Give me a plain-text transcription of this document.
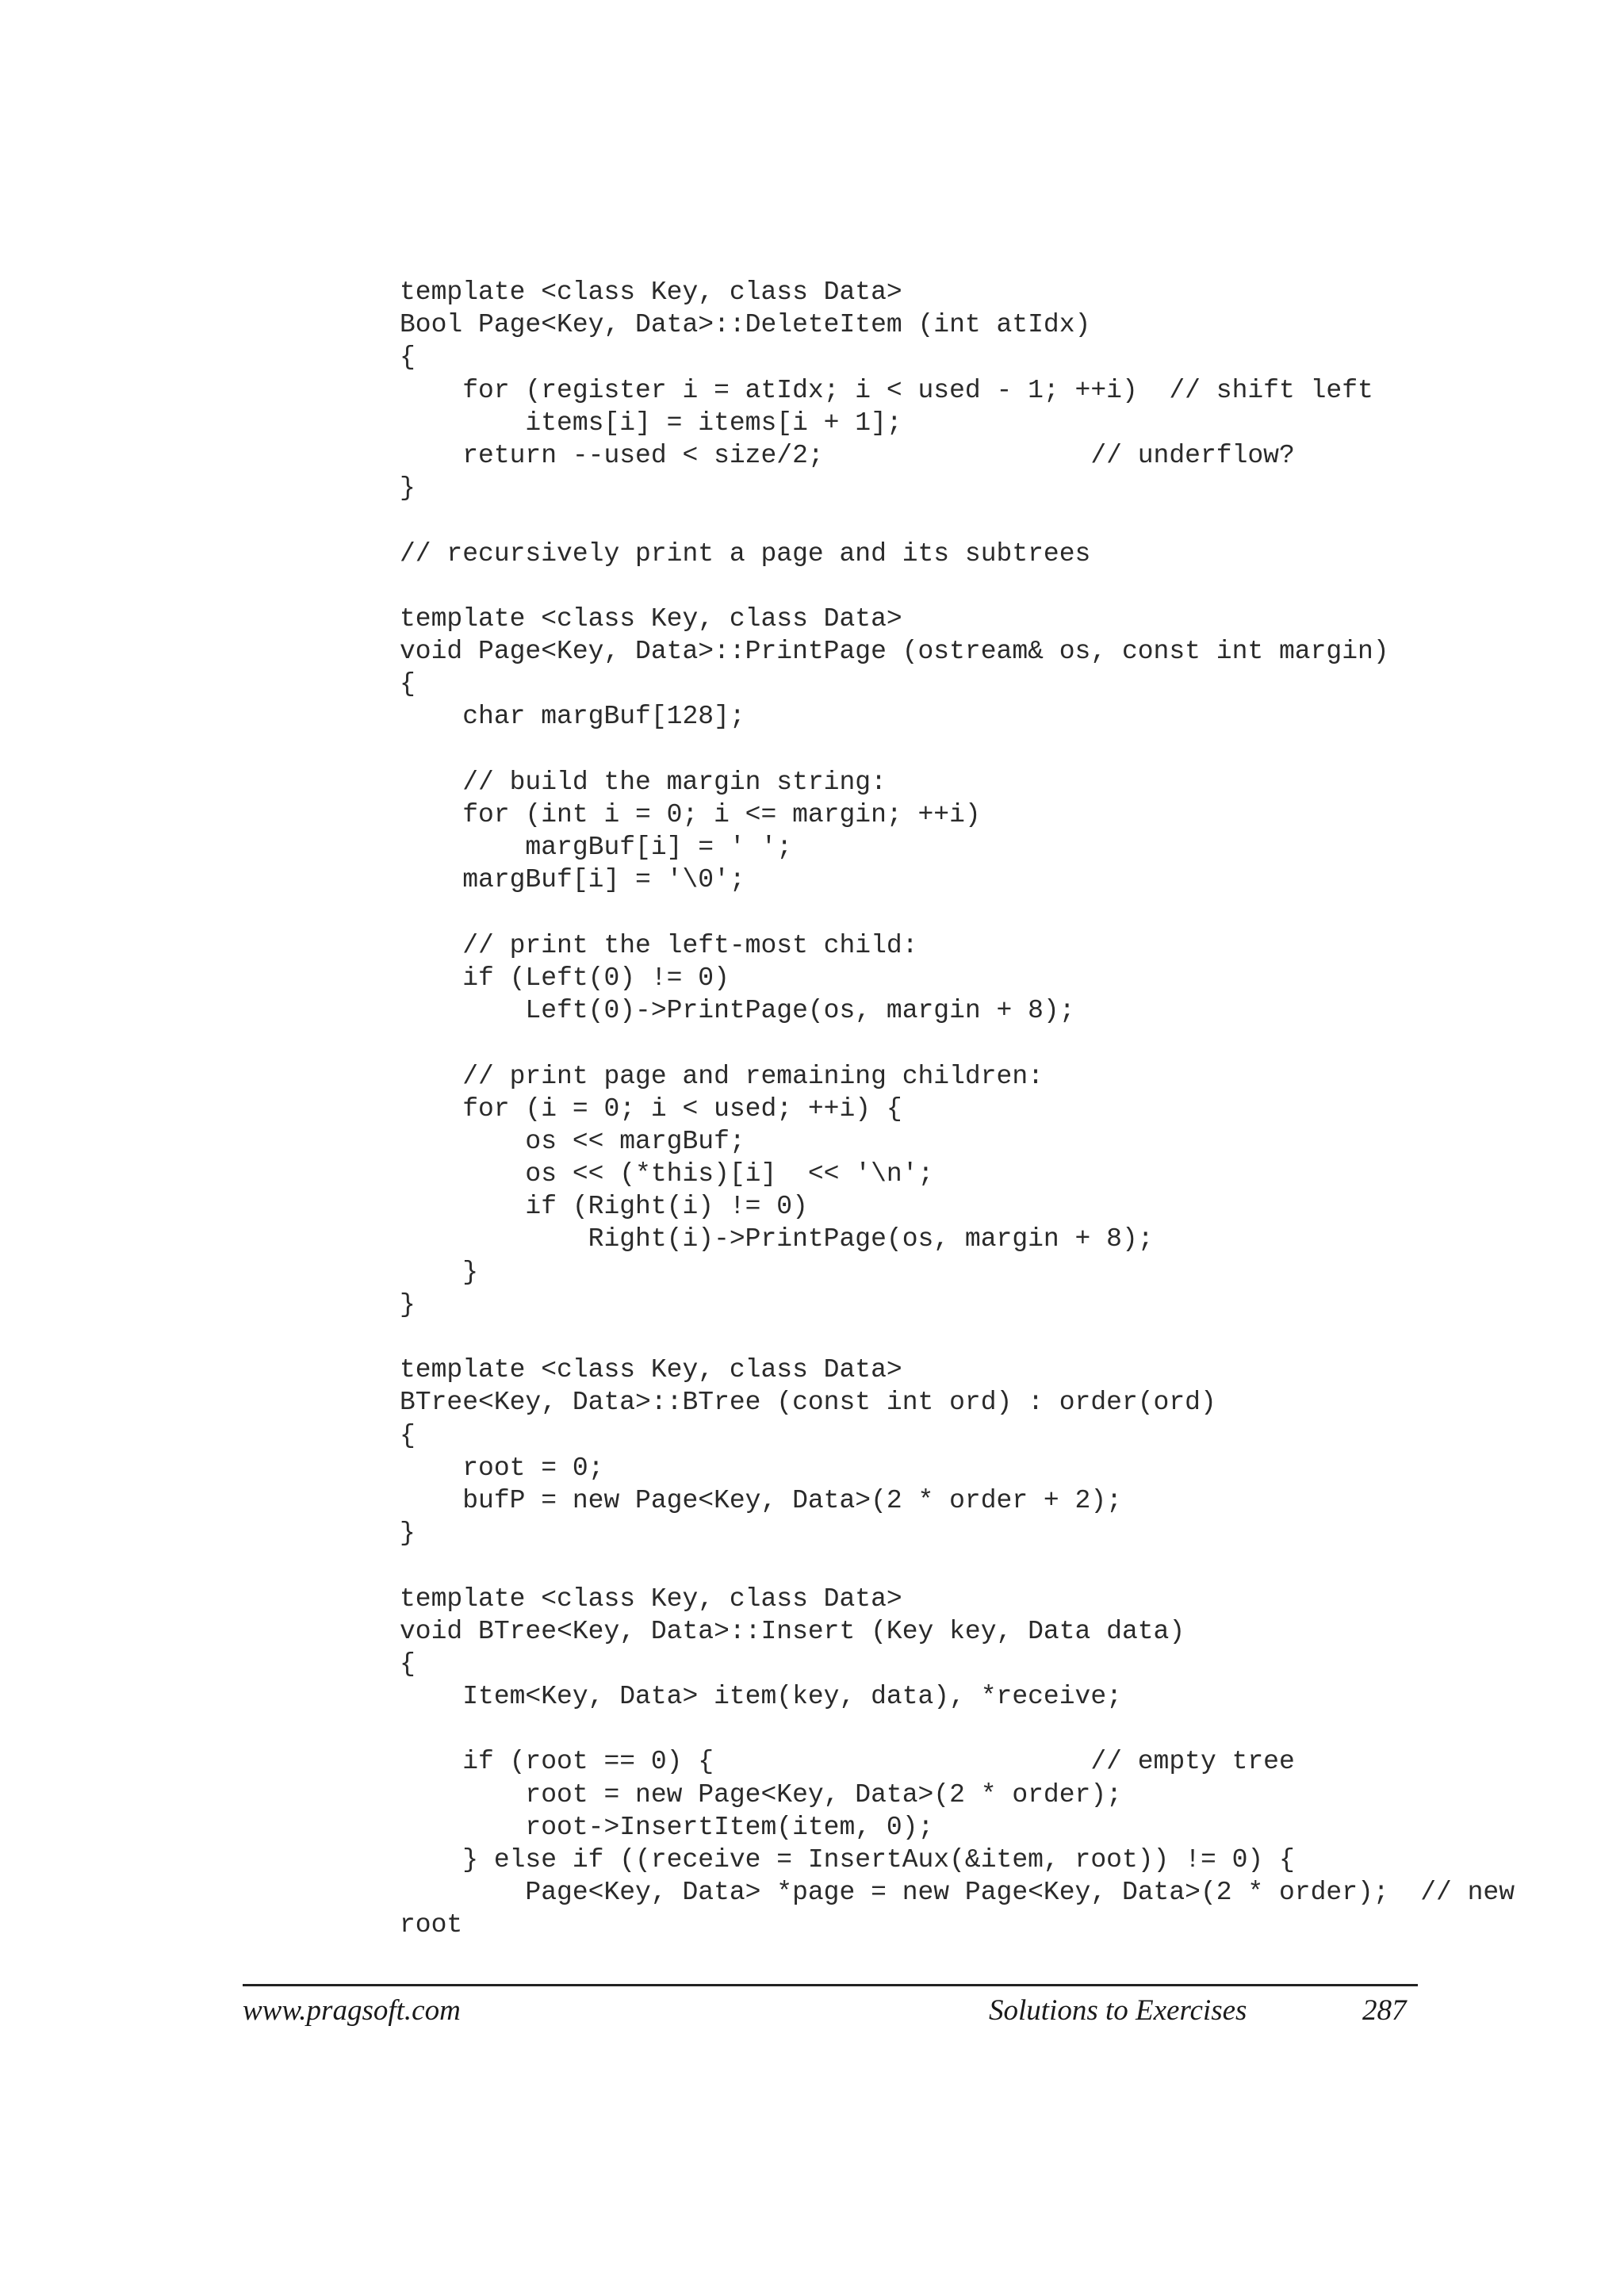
template <class Key, class Data>
Bool Page<Key, Data>::DeleteItem (int atIdx)
{
for (register i = atIdx; i < used - 1; ++i)  // shift left
items[i] = items[i + 1];
return --used < size/2;                 // underflow?
}
// recursively print a page and its subtrees
template <class Key, class Data>
void Page<Key, Data>::PrintPage (ostream& os, const int margin)
{
char margBuf[128];
// build the margin string:
for (int i = 0; i <= margin; ++i)
margBuf[i] = ' ';
margBuf[i] = '\0';
// print the left-most child:
if (Left(0) != 0)
Left(0)->PrintPage(os, margin + 8);
// print page and remaining children:
for (i = 0; i < used; ++i) {
os << margBuf;
os << (*this)[i]  << '\n';
if (Right(i) != 0)
Right(i)->PrintPage(os, margin + 8);
}
}
template <class Key, class Data>
BTree<Key, Data>::BTree (const int ord) : order(ord)
{
root = 0;
bufP = new Page<Key, Data>(2 * order + 2);
}
template <class Key, class Data>
void BTree<Key, Data>::Insert (Key key, Data data)
{
Item<Key, Data> item(key, data), *receive;
if (root == 0) {                        // empty tree
root = new Page<Key, Data>(2 * order);
root->InsertItem(item, 0);
} else if ((receive = InsertAux(&item, root)) != 0) {
Page<Key, Data> *page = new Page<Key, Data>(2 * order);  // new
root
www.pragsoft.com	Solutions to Exercises	287
